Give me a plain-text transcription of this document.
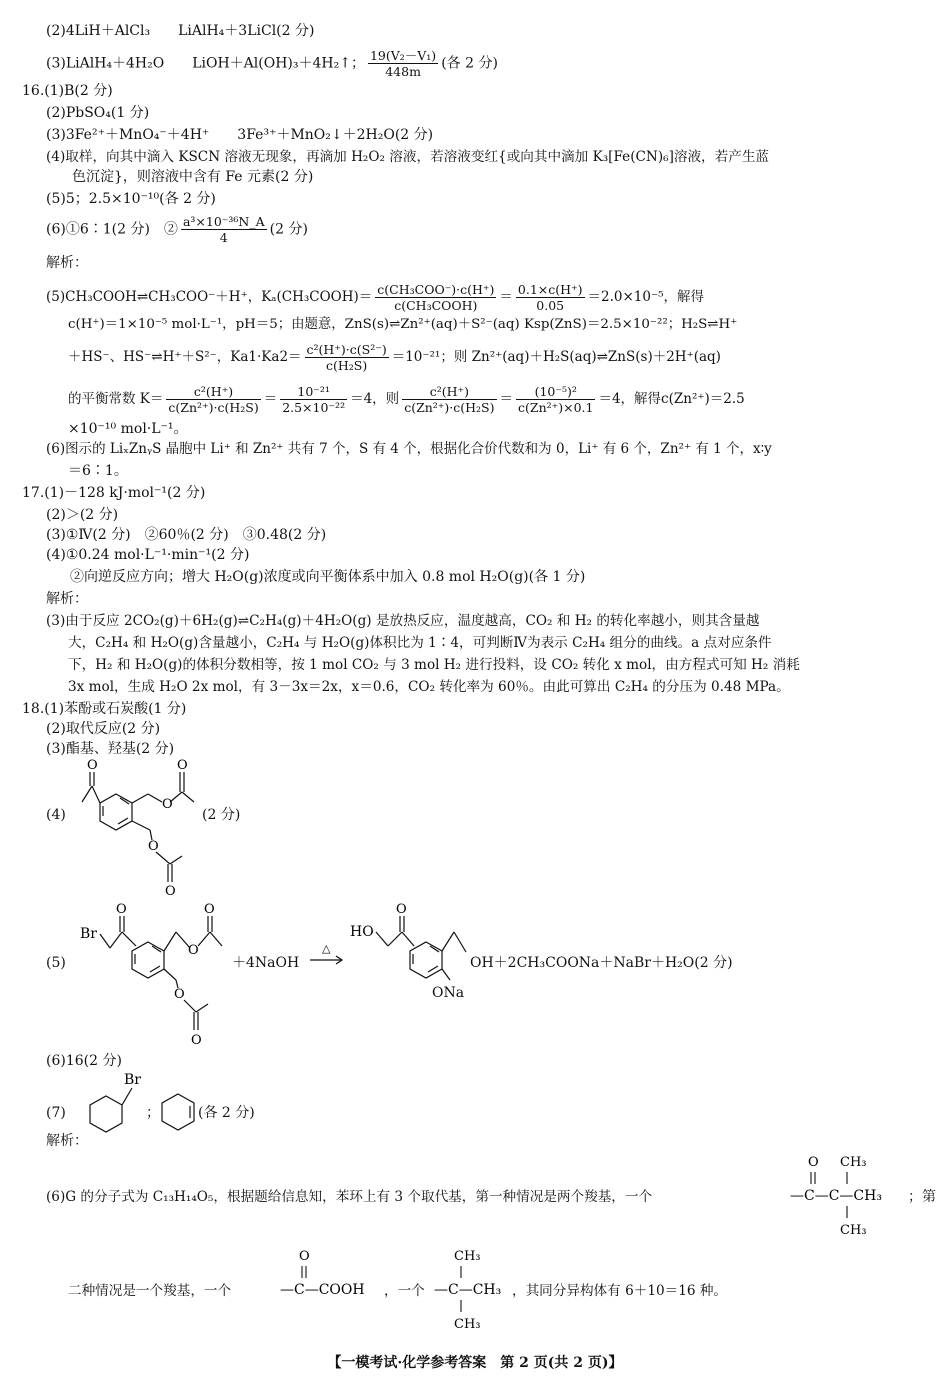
(2)4LiH＋AlCl₃　　LiAlH₄＋3LiCl(2 分)
(3)LiAlH₄＋4H₂O　　LiOH＋Al(OH)₃＋4H₂↑； $\frac{\text{19(V₂－V₁)}}{448m}$ (各 2 分)
16.(1)B(2 分)
(2)PbSO₄(1 分)
(3)3Fe²⁺＋MnO₄⁻＋4H⁺　　3Fe³⁺＋MnO₂↓＋2H₂O(2 分)
(4)取样，向其中滴入 KSCN 溶液无现象，再滴加 H₂O₂ 溶液，若溶液变红{或向其中滴加 K₃[Fe(CN)₆]溶液，若产生蓝
色沉淀}，则溶液中含有 Fe 元素(2 分)
(5)5；2.5×10⁻¹⁰(各 2 分)
(6)①6∶1(2 分)　② $\frac{\text{a³×10⁻³⁶N\_A}}{4} (2$ 分)
解析：
(5)CH₃COOH⇌CH₃COO⁻＋H⁺，Kₐ(CH₃COOH)＝ $\frac{\text{c(CH₃COO⁻)·c(H⁺)}}{\text{c(CH₃COOH)}} = \frac{0.1\times c(H^+)}{0.05} =2.0\times 10^{-5}$，解得
c(H⁺)＝1×10⁻⁵ mol·L⁻¹，pH＝5；由题意，ZnS(s)⇌Zn²⁺(aq)＋S²⁻(aq) Ksp(ZnS)＝2.5×10⁻²²；H₂S⇌H⁺
＋HS⁻、HS⁻⇌H⁺＋S²⁻，$Ka1\cdot Ka2= \frac{\text{c²(H⁺)·c(S²⁻)}}{\text{c(H₂S)}} =10^{-21}$；则 Zn²⁺(aq)＋H₂S(aq)⇌ZnS(s)＋2H⁺(aq)
的平衡常数 $K= \frac{\text{c²(H⁺)}}{\text{c(Zn²⁺)·c(H₂S)}} = \frac{\text{10⁻²¹}}{\text{2.5×10⁻²²}} =4$，则 $\frac{\text{c²(H⁺)}}{\text{c(Zn²⁺)·c(H₂S)}} = \frac{\text{(10⁻⁵)²}}{\text{c(Zn²⁺)×0.1}} =4$，解得c(Zn²⁺)＝2.5
×10⁻¹⁰ mol·L⁻¹。
(6)图示的 LiₓZnᵧS 晶胞中 Li⁺ 和 Zn²⁺ 共有 7 个，S 有 4 个，根据化合价代数和为 0，Li⁺ 有 6 个，Zn²⁺ 有 1 个，x∶y
＝6∶1。
17.(1)－128 kJ·mol⁻¹(2 分)
(2)＞(2 分)
(3)①Ⅳ(2 分)　②60％(2 分)　③0.48(2 分)
(4)①0.24 mol·L⁻¹·min⁻¹(2 分)
②向逆反应方向；增大 H₂O(g)浓度或向平衡体系中加入 0.8 mol H₂O(g)(各 1 分)
解析：
(3)由于反应 2CO₂(g)＋6H₂(g)⇌C₂H₄(g)＋4H₂O(g) 是放热反应，温度越高，CO₂ 和 H₂ 的转化率越小，则其含量越
大，C₂H₄ 和 H₂O(g)含量越小，C₂H₄ 与 H₂O(g)体积比为 1∶4，可判断Ⅳ为表示 C₂H₄ 组分的曲线。a 点对应条件
下，H₂ 和 H₂O(g)的体积分数相等，按 1 mol CO₂ 与 3 mol H₂ 进行投料，设 CO₂ 转化 x mol，由方程式可知 H₂ 消耗
3x mol，生成 H₂O 2x mol，有 3－3x＝2x，x＝0.6，CO₂ 转化率为 60％。由此可算出 C₂H₄ 的分压为 0.48 MPa。
18.(1)苯酚或石炭酸(1 分)
(2)取代反应(2 分)
(3)酯基、羟基(2 分)
(4)
O	O
O
O
O
(2 分)
(5)
Br
O	O
O
O
O
＋4NaOH
△
HO
O
OH＋2CH₃COONa＋NaBr＋H₂O(2 分)
ONa
(6)16(2 分)
(7)
Br
；	(各 2 分)
解析：
(6)G 的分子式为 C₁₃H₁₄O₅，根据题给信息知，苯环上有 3 个取代基，第一种情况是两个羧基，一个
O CH₃
—C—C—CH₃
CH₃
；第
二种情况是一个羧基，一个
O
—C—COOH ，一个
CH₃
—C—CH₃
CH₃
，其同分异构体有 6＋10＝16 种。
【一模考试·化学参考答案　第 2 页(共 2 页)】
